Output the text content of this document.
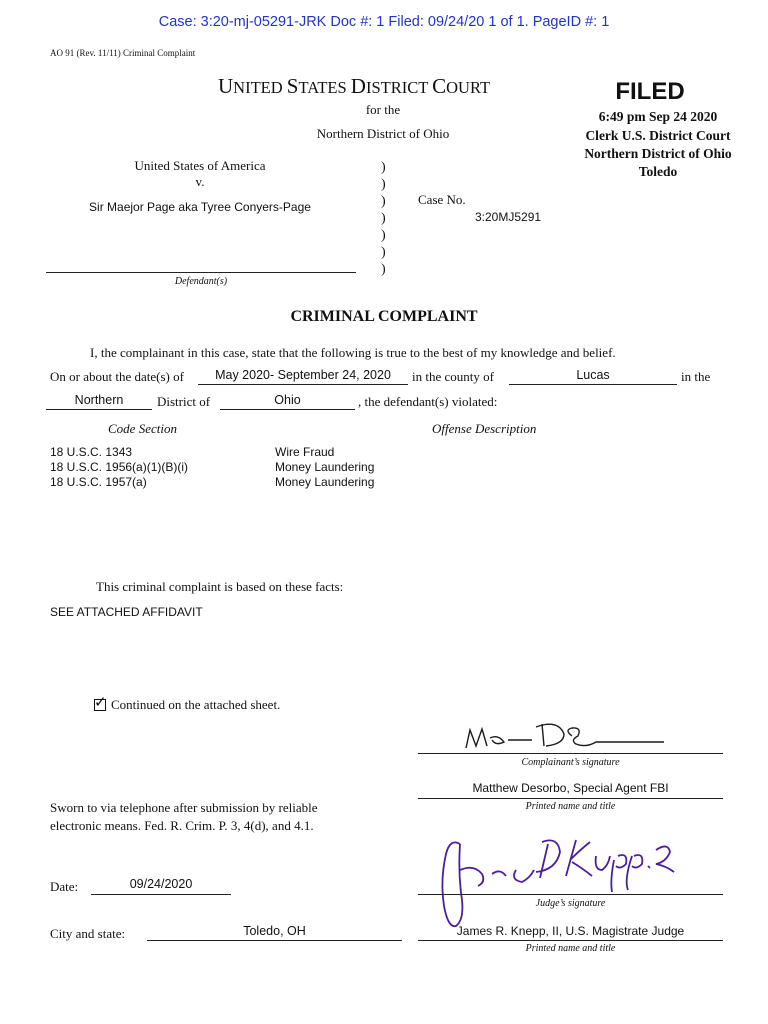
Case: 3:20-mj-05291-JRK Doc #: 1 Filed: 09/24/20 1 of 1. PageID #: 1
AO 91 (Rev. 11/11) Criminal Complaint
UNITED STATES DISTRICT COURT
for the
Northern District of Ohio
FILED
6:49 pm Sep 24 2020
Clerk U.S. District Court
Northern District of Ohio
Toledo
United States of America
v.
Sir Maejor Page aka Tyree Conyers-Page
)
)
)
)
)
)
)
Case No.
3:20MJ5291
Defendant(s)
CRIMINAL COMPLAINT
I, the complainant in this case, state that the following is true to the best of my knowledge and belief.
On or about the date(s) of	May 2020- September 24, 2020	in the county of	Lucas	in the
Northern	District of	Ohio	, the defendant(s) violated:
Code Section	Offense Description
18 U.S.C. 1343	Wire Fraud
18 U.S.C. 1956(a)(1)(B)(i)	Money Laundering
18 U.S.C. 1957(a)	Money Laundering
This criminal complaint is based on these facts:
SEE ATTACHED AFFIDAVIT
✓ Continued on the attached sheet.
Complainant’s signature
Matthew Desorbo, Special Agent FBI
Printed name and title
Sworn to via telephone after submission by reliable
electronic means. Fed. R. Crim. P. 3, 4(d), and 4.1.
Judge’s signature
Date:	09/24/2020
James R. Knepp, II, U.S. Magistrate Judge
Printed name and title
City and state:	Toledo, OH
